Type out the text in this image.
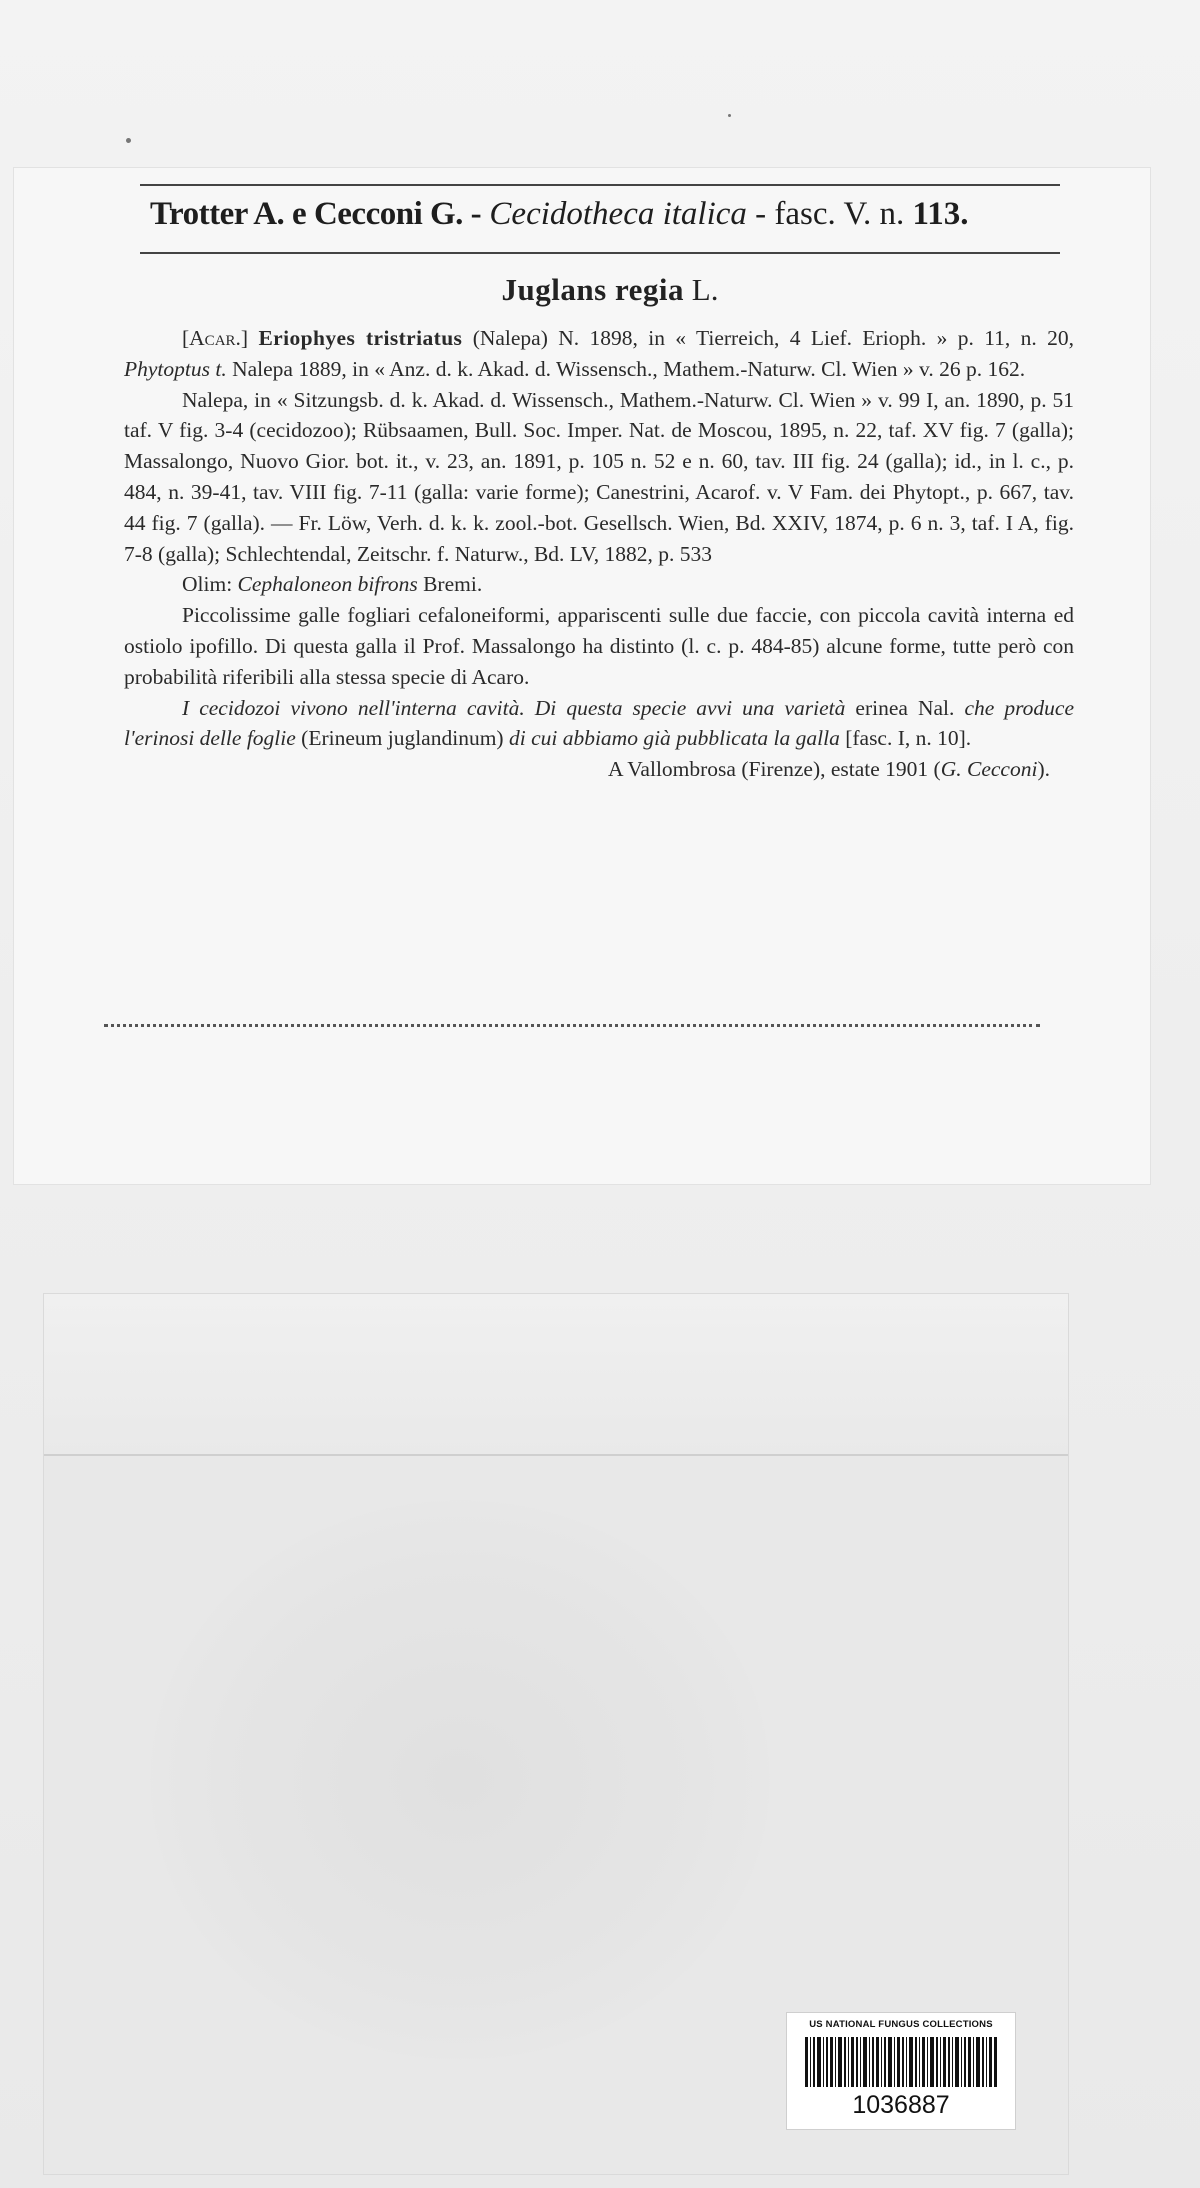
Trotter A. e Cecconi G. - Cecidotheca italica - fasc. V. n. 113.
Juglans regia L.

[Acar.] Eriophyes tristriatus (Nalepa) N. 1898, in « Tierreich, 4 Lief. Erioph. » p. 11, n. 20, Phytoptus t. Nalepa 1889, in « Anz. d. k. Akad. d. Wissensch., Mathem.-Naturw. Cl. Wien » v. 26 p. 162.

Nalepa, in « Sitzungsb. d. k. Akad. d. Wissensch., Mathem.-Naturw. Cl. Wien » v. 99 I, an. 1890, p. 51 taf. V fig. 3-4 (cecidozoo); Rübsaamen, Bull. Soc. Imper. Nat. de Moscou, 1895, n. 22, taf. XV fig. 7 (galla); Massalongo, Nuovo Gior. bot. it., v. 23, an. 1891, p. 105 n. 52 e n. 60, tav. III fig. 24 (galla); id., in l. c., p. 484, n. 39-41, tav. VIII fig. 7-11 (galla: varie forme); Canestrini, Acarof. v. V Fam. dei Phytopt., p. 667, tav. 44 fig. 7 (galla). — Fr. Löw, Verh. d. k. k. zool.-bot. Gesellsch. Wien, Bd. XXIV, 1874, p. 6 n. 3, taf. I A, fig. 7-8 (galla); Schlechtendal, Zeitschr. f. Naturw., Bd. LV, 1882, p. 533

Olim: Cephaloneon bifrons Bremi.

Piccolissime galle fogliari cefaloneiformi, appariscenti sulle due faccie, con piccola cavità interna ed ostiolo ipofillo. Di questa galla il Prof. Massalongo ha distinto (l. c. p. 484-85) alcune forme, tutte però con probabilità riferibili alla stessa specie di Acaro.

I cecidozoi vivono nell'interna cavità. Di questa specie avvi una varietà erinea Nal. che produce l'erinosi delle foglie (Erineum juglandinum) di cui abbiamo già pubblicata la galla [fasc. I, n. 10].

A Vallombrosa (Firenze), estate 1901 (G. Cecconi).

US NATIONAL FUNGUS COLLECTIONS
1036887
